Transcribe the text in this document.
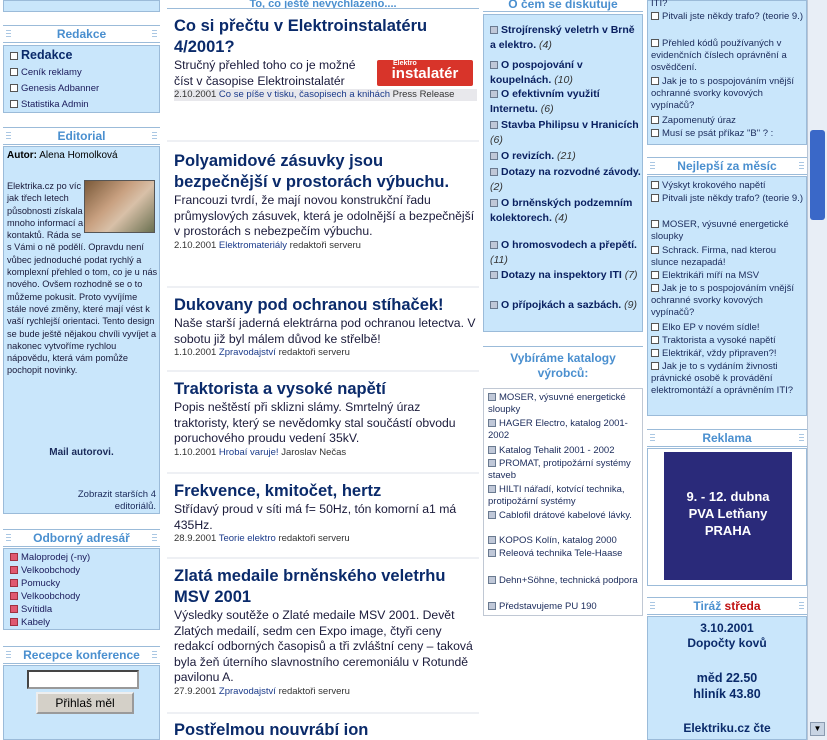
Redakce
Redakce
Ceník reklamy
Genesis Adbanner
Statistika Admin
Editorial
Autor: Alena Homolková
Elektrika.cz po víc jak třech letech působnosti získala mnoho informací a kontaktů. Ráda se s Vámi o ně podělí. Opravdu není vůbec jednoduché podat rychlý a komplexní přehled o tom, co je u nás nového. Ovšem rozhodně se o to můžeme pokusit. Proto vyvíjíme stále nové změny, které mají vést k vaší rychlejší orientaci. Tento design se bude ještě nějakou chvíli vyvíjet a nakonec vytvoříme rychlou nápovědu, která vám pomůže pochopit novinky.
Mail autorovi.
Zobrazit starších 4 editoriálů.
Odborný adresář
Maloprodej (-ny)
Velkoobchody
Pomucky
Velkoobchody
Svítidla
Kabely
Recepce konference
Přihlaš měl
To, co ještě nevychlazeno....
Co si přečtu v Elektroinstalatéru 4/2001?
Elektro
instalatér

Stručný přehled toho co je možné číst v časopise Elektroinstalatér

2.10.2001 Co se píše v tisku, časopisech a knihách Press Release
Polyamidové zásuvky jsou bezpečnější v prostorách výbuchu.

Francouzi tvrdí, že mají novou konstrukční řadu průmyslových zásuvek, která je odolnější a bezpečnější v prostorách s nebezpečím výbuchu.

2.10.2001 Elektromateriály redaktoři serveru
Dukovany pod ochranou stíhaček!

Naše starší jaderná elektrárna pod ochranou letectva. V sobotu již byl málem důvod ke střelbě!

1.10.2001 Zpravodajství redaktoři serveru
Traktorista a vysoké napětí

Popis neštěstí při sklizni slámy. Smrtelný úraz traktoristy, který se nevědomky stal součástí obvodu poruchového proudu vedení 35kV.

1.10.2001 Hrobaí varuje! Jaroslav Nečas
Frekvence, kmitočet, hertz

Střídavý proud v síti má f= 50Hz, tón komorní a1 má 435Hz.

28.9.2001 Teorie elektro redaktoři serveru
Zlatá medaile brněnského veletrhu MSV 2001

Výsledky soutěže o Zlaté medaile MSV 2001. Devět Zlatých medailí, sedm cen Expo image, čtyři ceny redakcí odborných časopisů a tři zvláštní ceny – taková byla žeň úterního slavnostního ceremoniálu v Rotundě pavilonu A.

27.9.2001 Zpravodajství redaktoři serveru
Postřelmou nouvrábí ion
O čem se diskutuje
Strojírenský veletrh v Brně a elektro. (4)
O pospojování v koupelnách. (10)
O efektivním využití Internetu. (6)
Stavba Philipsu v Hranicích (6)
O revizích. (21)
Dotazy na rozvodné závody. (2)
O brněnských podzemním kolektorech. (4)
O hromosvodech a přepětí. (11)
Dotazy na inspektory ITI (7)
O přípojkách a sazbách. (9)
Vybíráme katalogy výrobců:
MOSER, výsuvné energetické sloupky
HAGER Electro, katalog 2001-2002
Katalog Tehalit 2001 - 2002
PROMAT, protipožární systémy staveb
HILTI nářadí, kotvící technika, protipožární systémy
Cablofil drátové kabelové lávky.
KOPOS Kolín, katalog 2000
Releová technika Tele-Haase
Dehn+Söhne, technická podpora
Představujeme PU 190
ITI?
Pitvali jste někdy trafo? (teorie 9.)
Přehled kódů používaných v evidenčních číslech oprávnění a osvědčení.
Jak je to s pospojováním vnější ochranné svorky kovových vypínačů?
Zapomenutý úraz
Musí se psát příkaz "B" ? :
Nejlepší za měsíc
Výskyt krokového napětí
Pitvali jste někdy trafo? (teorie 9.)
MOSER, výsuvné energetické sloupky
Schrack. Firma, nad kterou slunce nezapadá!
Elektrikáři míří na MSV
Jak je to s pospojováním vnější ochranné svorky kovových vypínačů?
Elko EP v novém sídle!
Traktorista a vysoké napětí
Elektrikář, vždy připraven?!
Jak je to s vydáním živnosti právnické osobě k provádění elektromontáží a oprávněním ITI?
Reklama
9. - 12. dubna
PVA Letňany
PRAHA
Tiráž středa
3.10.2001
Dopočty kovů
měd 22.50
hliník 43.80
Elektriku.cz čte	▼
